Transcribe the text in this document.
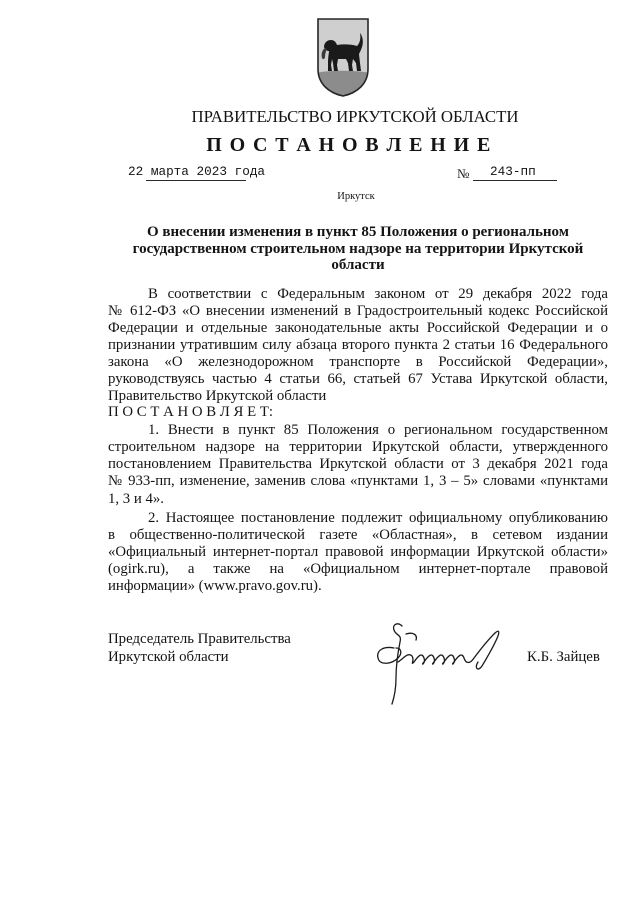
ПРАВИТЕЛЬСТВО ИРКУТСКОЙ ОБЛАСТИ
П О С Т А Н О В Л Е Н И Е
22 марта 2023 года	№ 243-пп
Иркутск
О внесении изменения в пункт 85 Положения о региональном
государственном строительном надзоре на территории Иркутской
области
В соответствии с Федеральным законом от 29 декабря 2022 года
№ 612-ФЗ «О внесении изменений в Градостроительный кодекс Российской
Федерации и отдельные законодательные акты Российской Федерации и о
признании утратившим силу абзаца второго пункта 2 статьи 16 Федерального
закона «О железнодорожном транспорте в Российской Федерации»,
руководствуясь частью 4 статьи 66, статьей 67 Устава Иркутской области,
Правительство Иркутской области
П О С Т А Н О В Л Я Е Т:
1. Внести в пункт 85 Положения о региональном государственном
строительном надзоре на территории Иркутской области, утвержденного
постановлением Правительства Иркутской области от 3 декабря 2021 года
№ 933-пп, изменение, заменив слова «пунктами 1, 3 – 5» словами «пунктами
1, 3 и 4».
2. Настоящее постановление подлежит официальному опубликованию
в общественно-политической газете «Областная», в сетевом издании
«Официальный интернет-портал правовой информации Иркутской области»
(ogirk.ru), а также на «Официальном интернет-портале правовой
информации» (www.pravo.gov.ru).
Председатель Правительства
Иркутской области	К.Б. Зайцев
